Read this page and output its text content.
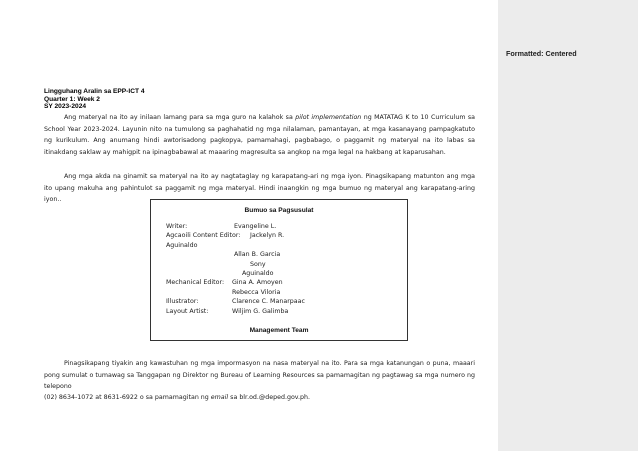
Lingguhang Aralin sa EPP-ICT 4
Quarter 1: Week 2
SY 2023-2024
Ang materyal na ito ay inilaan lamang para sa mga guro na kalahok sa pilot implementation ng MATATAG K to 10 Curriculum sa School Year 2023-2024. Layunin nito na tumulong sa paghahatid ng mga nilalaman, pamantayan, at mga kasanayang pampagkatuto ng kurikulum. Ang anumang hindi awtorisadong pagkopya, pamamahagi, pagbabago, o paggamit ng materyal na ito labas sa itinakdang saklaw ay mahigpit na ipinagbabawal at maaaring magresulta sa angkop na mga legal na hakbang at kaparusahan.
Ang mga akda na ginamit sa materyal na ito ay nagtataglay ng karapatang-ari ng mga iyon. Pinagsikapang matunton ang mga ito upang makuha ang pahintulot sa paggamit ng mga materyal. Hindi inaangkin ng mga bumuo ng materyal ang karapatang-aring iyon..
Bumuo sa Pagsusulat
Writer:	Evangeline L.
Agcaoili Content Editor: Jackelyn R.
Aguinaldo
Allan B. Garcia
Sony
Aguinaldo
Mechanical Editor: Gina A. Amoyen
Rebecca Viloria
Illustrator:	Clarence C. Manarpaac
Layout Artist:	Wiljim G. Galimba
Management Team
Pinagsikapang tiyakin ang kawastuhan ng mga impormasyon na nasa materyal na ito. Para sa mga katanungan o puna, maaari pong sumulat o tumawag sa Tanggapan ng Direktor ng Bureau of Learning Resources sa pamamagitan ng pagtawag sa mga numero ng telepono
(02) 8634-1072 at 8631-6922 o sa pamamagitan ng email sa blr.od.@deped.gov.ph.
Formatted: Centered
